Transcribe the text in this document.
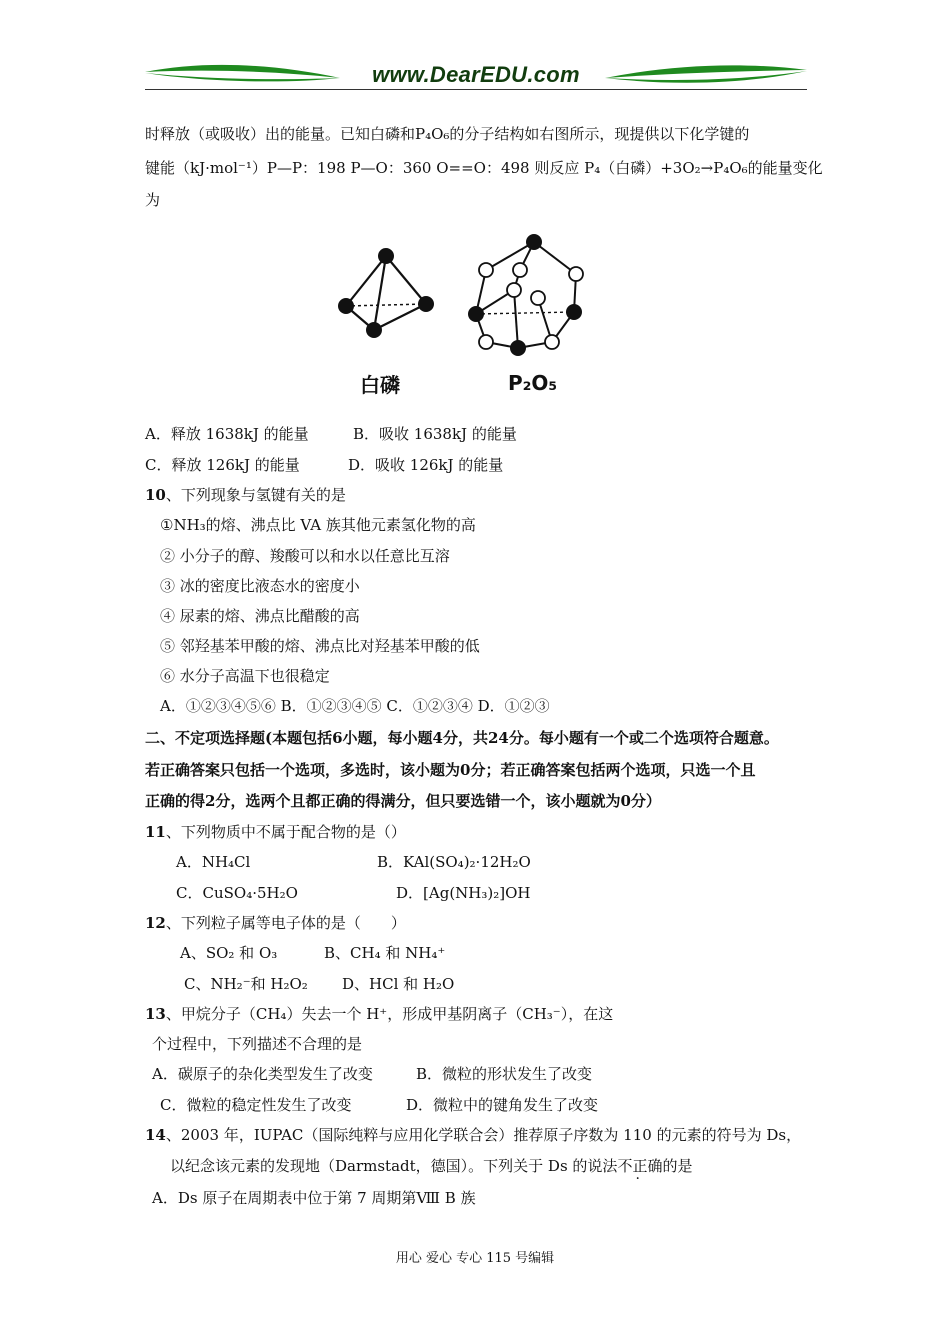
www.DearEDU.com
时释放（或吸收）出的能量。已知白磷和P₄O₆的分子结构如右图所示，现提供以下化学键的
键能（kJ·mol⁻¹）P—P：198 P—O：360 O==O：498 则反应 P₄（白磷）+3O₂→P₄O₆的能量变化
为
白磷	P₂O₅
A．释放 1638kJ 的能量	B．吸收 1638kJ 的能量
C．释放 126kJ 的能量	D．吸收 126kJ 的能量
10、下列现象与氢键有关的是
①NH₃的熔、沸点比 VA 族其他元素氢化物的高
② 小分子的醇、羧酸可以和水以任意比互溶
③ 冰的密度比液态水的密度小
④ 尿素的熔、沸点比醋酸的高
⑤ 邻羟基苯甲酸的熔、沸点比对羟基苯甲酸的低
⑥ 水分子高温下也很稳定
A．①②③④⑤⑥ B．①②③④⑤ C．①②③④ D．①②③
二、不定项选择题(本题包括6小题，每小题4分，共24分。每小题有一个或二个选项符合题意。
若正确答案只包括一个选项，多选时，该小题为0分；若正确答案包括两个选项，只选一个且
正确的得2分，选两个且都正确的得满分，但只要选错一个，该小题就为0分）
11、下列物质中不属于配合物的是（）
A．NH₄Cl	B．KAl(SO₄)₂·12H₂O
C．CuSO₄·5H₂O	D．[Ag(NH₃)₂]OH
12、下列粒子属等电子体的是（　　）
A、SO₂ 和 O₃	B、CH₄ 和 NH₄⁺
C、NH₂⁻和 H₂O₂ D、HCl 和 H₂O
13、甲烷分子（CH₄）失去一个 H⁺，形成甲基阴离子（CH₃⁻），在这
个过程中，下列描述不合理的是
A．碳原子的杂化类型发生了改变	B．微粒的形状发生了改变
C．微粒的稳定性发生了改变	D．微粒中的键角发生了改变
14、2003 年，IUPAC（国际纯粹与应用化学联合会）推荐原子序数为 110 的元素的符号为 Ds，
以纪念该元素的发现地（Darmstadt，德国）。下列关于 Ds 的说法不正确的是
A．Ds 原子在周期表中位于第 7 周期第Ⅷ B 族
用心 爱心 专心 115 号编辑
